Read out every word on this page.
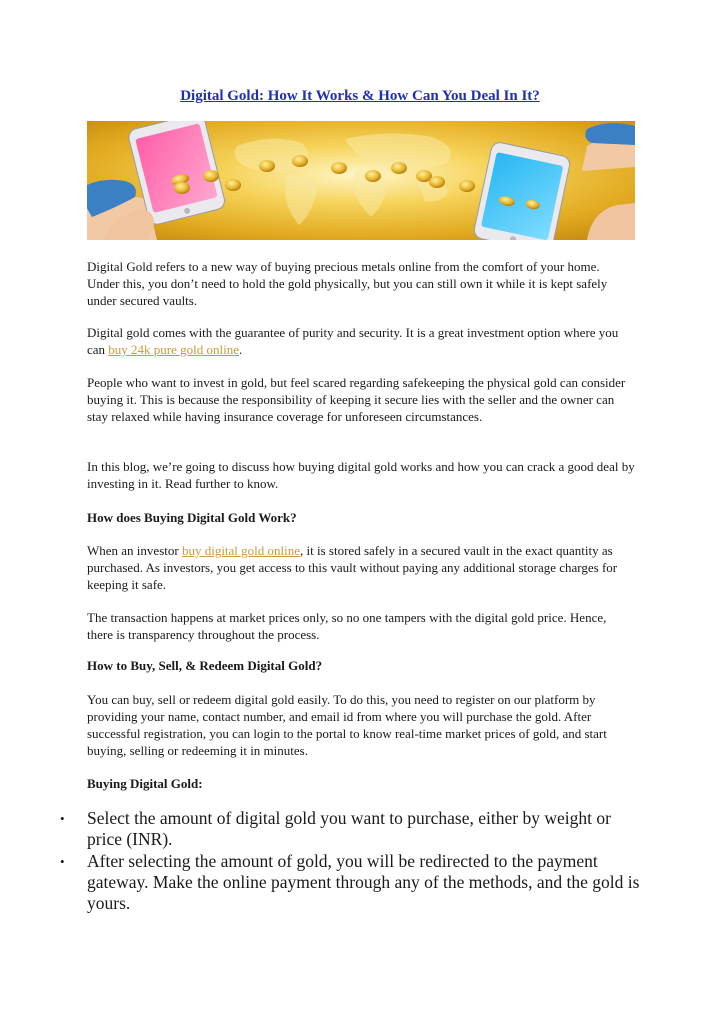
Digital Gold: How It Works & How Can You Deal In It?

Digital Gold refers to a new way of buying precious metals online from the comfort of your home. Under this, you don’t need to hold the gold physically, but you can still own it while it is kept safely under secured vaults.

Digital gold comes with the guarantee of purity and security. It is a great investment option where you can buy 24k pure gold online.

People who want to invest in gold, but feel scared regarding safekeeping the physical gold can consider buying it. This is because the responsibility of keeping it secure lies with the seller and the owner can stay relaxed while having insurance coverage for unforeseen circumstances.

In this blog, we’re going to discuss how buying digital gold works and how you can crack a good deal by investing in it. Read further to know.

How does Buying Digital Gold Work?

When an investor buy digital gold online, it is stored safely in a secured vault in the exact quantity as purchased. As investors, you get access to this vault without paying any additional storage charges for keeping it safe.

The transaction happens at market prices only, so no one tampers with the digital gold price. Hence, there is transparency throughout the process.

How to Buy, Sell, & Redeem Digital Gold?

You can buy, sell or redeem digital gold easily. To do this, you need to register on our platform by providing your name, contact number, and email id from where you will purchase the gold. After successful registration, you can login to the portal to know real-time market prices of gold, and start buying, selling or redeeming it in minutes.

Buying Digital Gold:

• Select the amount of digital gold you want to purchase, either by weight or price (INR).
• After selecting the amount of gold, you will be redirected to the payment gateway. Make the online payment through any of the methods, and the gold is yours.
